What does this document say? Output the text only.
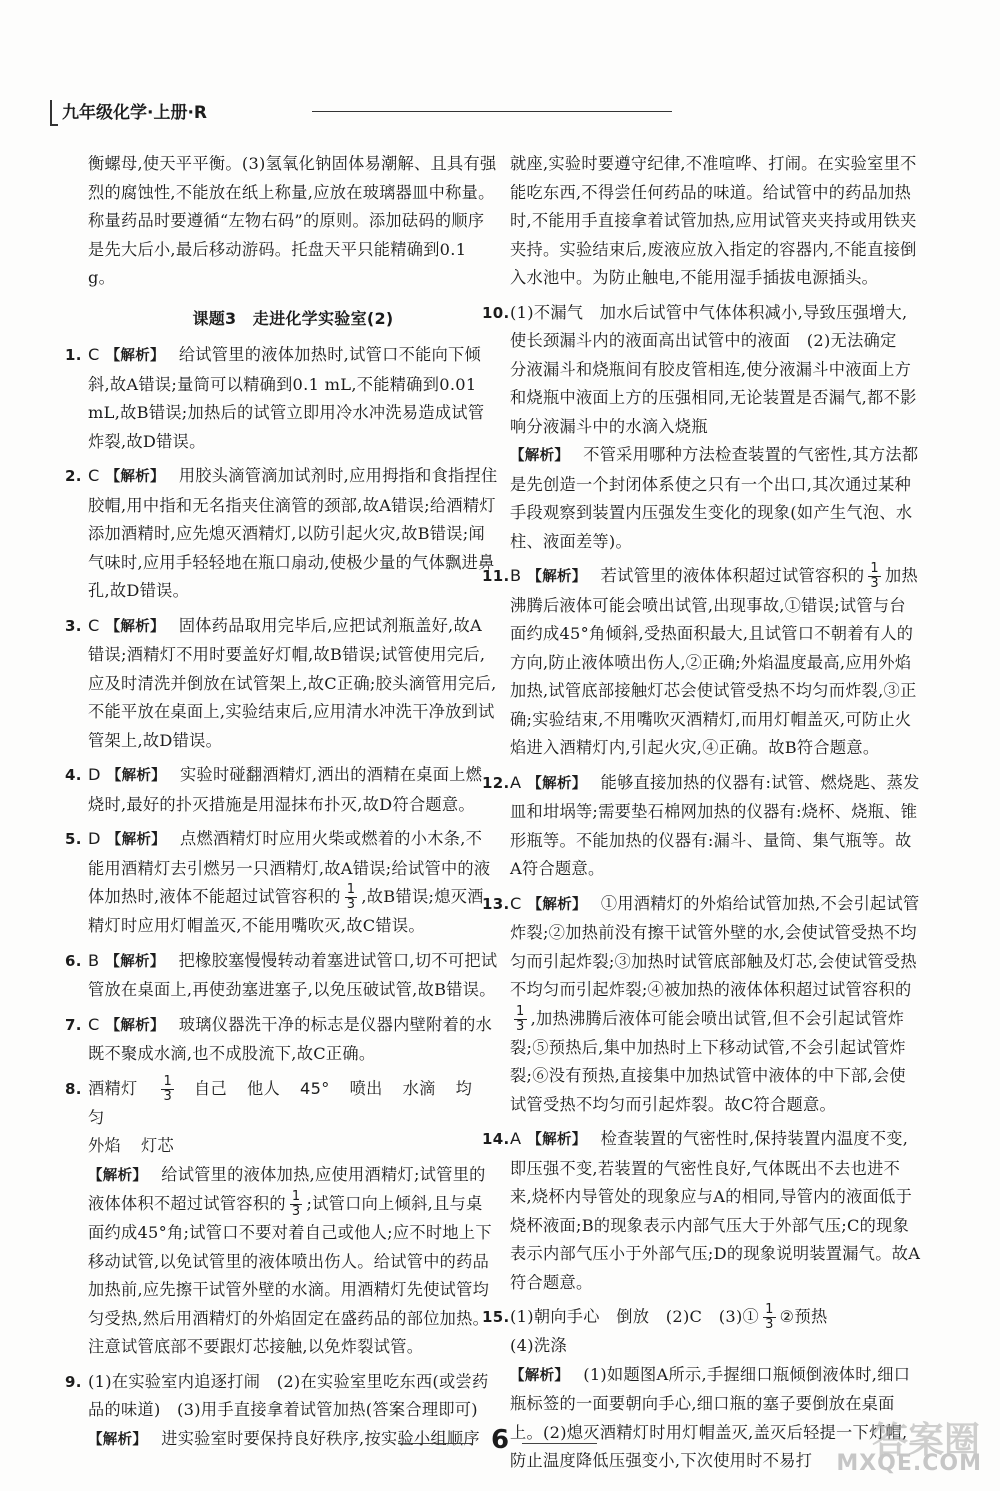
九年级化学·上册·R

衡螺母,使天平平衡。(3)氢氧化钠固体易潮解、且具有强烈的腐蚀性,不能放在纸上称量,应放在玻璃器皿中称量。称量药品时要遵循“左物右码”的原则。添加砝码的顺序是先大后小,最后移动游码。托盘天平只能精确到0.1 g。

课题3　走进化学实验室(2)

1. C 【解析】 给试管里的液体加热时,试管口不能向下倾斜,故A错误;量筒可以精确到0.1 mL,不能精确到0.01 mL,故B错误;加热后的试管立即用冷水冲洗易造成试管炸裂,故D错误。

2. C 【解析】 用胶头滴管滴加试剂时,应用拇指和食指捏住胶帽,用中指和无名指夹住滴管的颈部,故A错误;给酒精灯添加酒精时,应先熄灭酒精灯,以防引起火灾,故B错误;闻气味时,应用手轻轻地在瓶口扇动,使极少量的气体飘进鼻孔,故D错误。

3. C 【解析】 固体药品取用完毕后,应把试剂瓶盖好,故A错误;酒精灯不用时要盖好灯帽,故B错误;试管使用完后,应及时清洗并倒放在试管架上,故C正确;胶头滴管用完后,不能平放在桌面上,实验结束后,应用清水冲洗干净放到试管架上,故D错误。

4. D 【解析】 实验时碰翻酒精灯,洒出的酒精在桌面上燃烧时,最好的扑灭措施是用湿抹布扑灭,故D符合题意。

5. D 【解析】 点燃酒精灯时应用火柴或燃着的小木条,不能用酒精灯去引燃另一只酒精灯,故A错误;给试管中的液体加热时,液体不能超过试管容积的 $\frac{1}{3}$ ,故B错误;熄灭酒精灯时应用灯帽盖灭,不能用嘴吹灭,故C错误。

6. B 【解析】 把橡胶塞慢慢转动着塞进试管口,切不可把试管放在桌面上,再使劲塞进塞子,以免压破试管,故B错误。

7. C 【解析】 玻璃仪器洗干净的标志是仪器内壁附着的水既不聚成水滴,也不成股流下,故C正确。

8. 酒精灯 $\frac{1}{3}$ 自己 他人 45° 喷出 水滴 均匀
外焰 灯芯
【解析】 给试管里的液体加热,应使用酒精灯;试管里的液体体积不超过试管容积的 $\frac{1}{3}$ ;试管口向上倾斜,且与桌面约成45°角;试管口不要对着自己或他人;应不时地上下移动试管,以免试管里的液体喷出伤人。给试管中的药品加热前,应先擦干试管外壁的水滴。用酒精灯先使试管均匀受热,然后用酒精灯的外焰固定在盛药品的部位加热。注意试管底部不要跟灯芯接触,以免炸裂试管。

9. (1)在实验室内追逐打闹　(2)在实验室里吃东西(或尝药品的味道)　(3)用手直接拿着试管加热(答案合理即可)
【解析】 进实验室时要保持良好秩序,按实验小组顺序

就座,实验时要遵守纪律,不准喧哗、打闹。在实验室里不能吃东西,不得尝任何药品的味道。给试管中的药品加热时,不能用手直接拿着试管加热,应用试管夹夹持或用铁夹夹持。实验结束后,废液应放入指定的容器内,不能直接倒入水池中。为防止触电,不能用湿手插拔电源插头。

10. (1)不漏气　加水后试管中气体体积减小,导致压强增大,使长颈漏斗内的液面高出试管中的液面　(2)无法确定　分液漏斗和烧瓶间有胶皮管相连,使分液漏斗中液面上方和烧瓶中液面上方的压强相同,无论装置是否漏气,都不影响分液漏斗中的水滴入烧瓶
【解析】 不管采用哪种方法检查装置的气密性,其方法都是先创造一个封闭体系使之只有一个出口,其次通过某种手段观察到装置内压强发生变化的现象(如产生气泡、水柱、液面差等)。

11. B 【解析】 若试管里的液体体积超过试管容积的 $\frac{1}{3}$ 加热沸腾后液体可能会喷出试管,出现事故,①错误;试管与台面约成45°角倾斜,受热面积最大,且试管口不朝着有人的方向,防止液体喷出伤人,②正确;外焰温度最高,应用外焰加热,试管底部接触灯芯会使试管受热不均匀而炸裂,③正确;实验结束,不用嘴吹灭酒精灯,而用灯帽盖灭,可防止火焰进入酒精灯内,引起火灾,④正确。故B符合题意。

12. A 【解析】 能够直接加热的仪器有:试管、燃烧匙、蒸发皿和坩埚等;需要垫石棉网加热的仪器有:烧杯、烧瓶、锥形瓶等。不能加热的仪器有:漏斗、量筒、集气瓶等。故A符合题意。

13. C 【解析】 ①用酒精灯的外焰给试管加热,不会引起试管炸裂;②加热前没有擦干试管外壁的水,会使试管受热不均匀而引起炸裂;③加热时试管底部触及灯芯,会使试管受热不均匀而引起炸裂;④被加热的液体体积超过试管容积的
$\frac{1}{3}$ ,加热沸腾后液体可能会喷出试管,但不会引起试管炸裂;⑤预热后,集中加热时上下移动试管,不会引起试管炸裂;⑥没有预热,直接集中加热试管中液体的中下部,会使试管受热不均匀而引起炸裂。故C符合题意。

14. A 【解析】 检查装置的气密性时,保持装置内温度不变,即压强不变,若装置的气密性良好,气体既出不去也进不来,烧杯内导管处的现象应与A的相同,导管内的液面低于烧杯液面;B的现象表示内部气压大于外部气压;C的现象表示内部气压小于外部气压;D的现象说明装置漏气。故A符合题意。

15. (1)朝向手心　倒放　(2)C　(3)① $\frac{1}{3}$ ②预热
(4)洗涤
【解析】 (1)如题图A所示,手握细口瓶倾倒液体时,细口瓶标签的一面要朝向手心,细口瓶的塞子要倒放在桌面上。(2)熄灭酒精灯时用灯帽盖灭,盖灭后轻提一下灯帽,防止温度降低压强变小,下次使用时不易打

6	答案圈
MXQE.COM
